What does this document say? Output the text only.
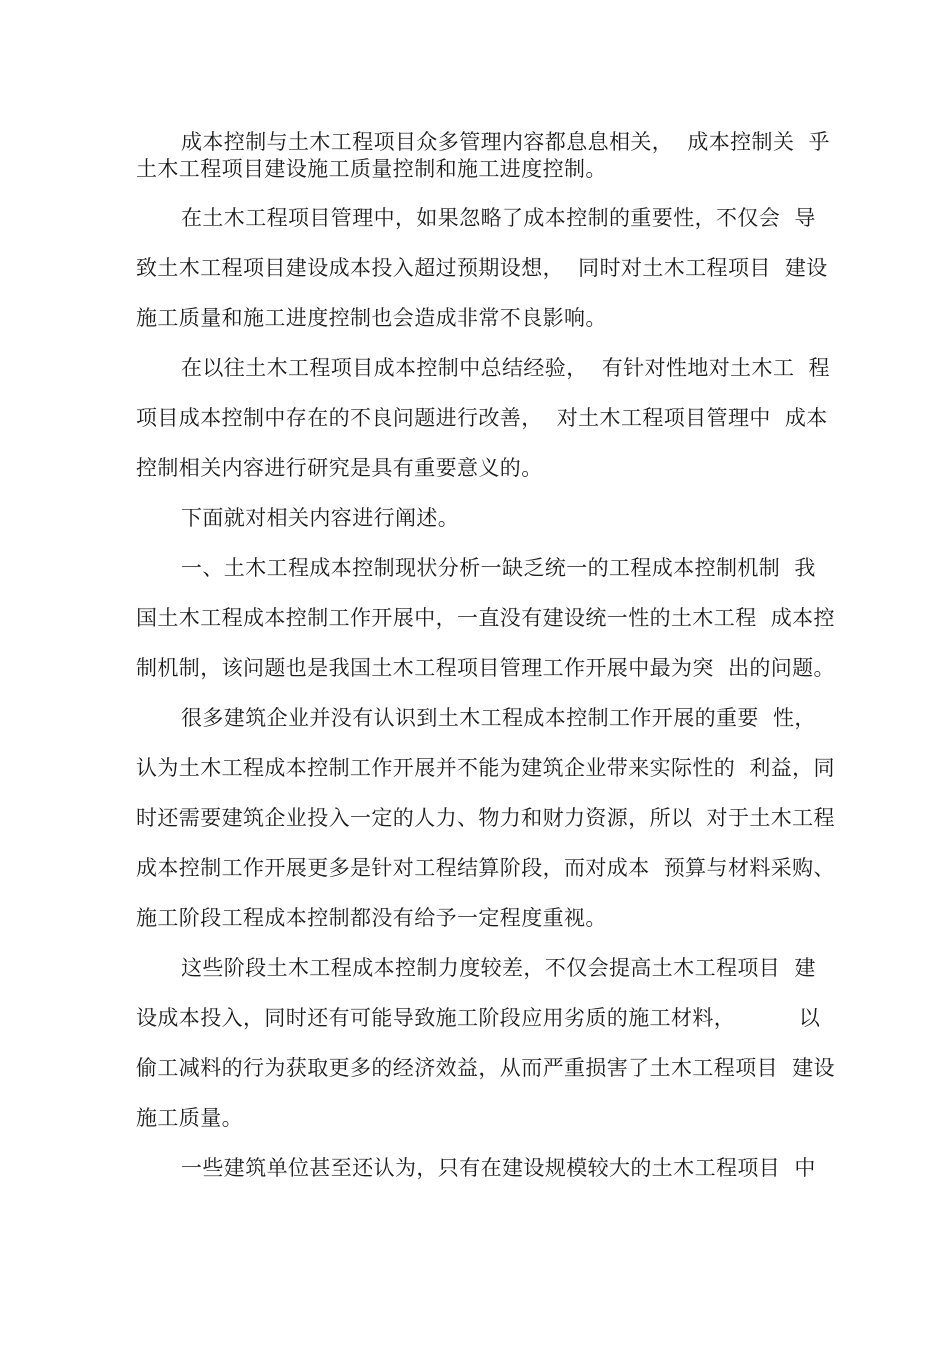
成本控制与土木工程项目众多管理内容都息息相关，  成本控制关  乎
土木工程项目建设施工质量控制和施工进度控制。
在土木工程项目管理中，如果忽略了成本控制的重要性，不仅会  导
致土木工程项目建设成本投入超过预期设想，  同时对土木工程项目  建设
施工质量和施工进度控制也会造成非常不良影响。
在以往土木工程项目成本控制中总结经验，  有针对性地对土木工  程
项目成本控制中存在的不良问题进行改善，  对土木工程项目管理中  成本
控制相关内容进行研究是具有重要意义的。
下面就对相关内容进行阐述。
一、土木工程成本控制现状分析一缺乏统一的工程成本控制机制  我
国土木工程成本控制工作开展中，一直没有建设统一性的土木工程  成本控
制机制，该问题也是我国土木工程项目管理工作开展中最为突  出的问题。
很多建筑企业并没有认识到土木工程成本控制工作开展的重要  性，
认为土木工程成本控制工作开展并不能为建筑企业带来实际性的  利益，同
时还需要建筑企业投入一定的人力、物力和财力资源，所以  对于土木工程
成本控制工作开展更多是针对工程结算阶段，而对成本  预算与材料采购、
施工阶段工程成本控制都没有给予一定程度重视。
这些阶段土木工程成本控制力度较差，不仅会提高土木工程项目  建
设成本投入，同时还有可能导致施工阶段应用劣质的施工材料，         以
偷工减料的行为获取更多的经济效益，从而严重损害了土木工程项目  建设
施工质量。
一些建筑单位甚至还认为，只有在建设规模较大的土木工程项目  中
